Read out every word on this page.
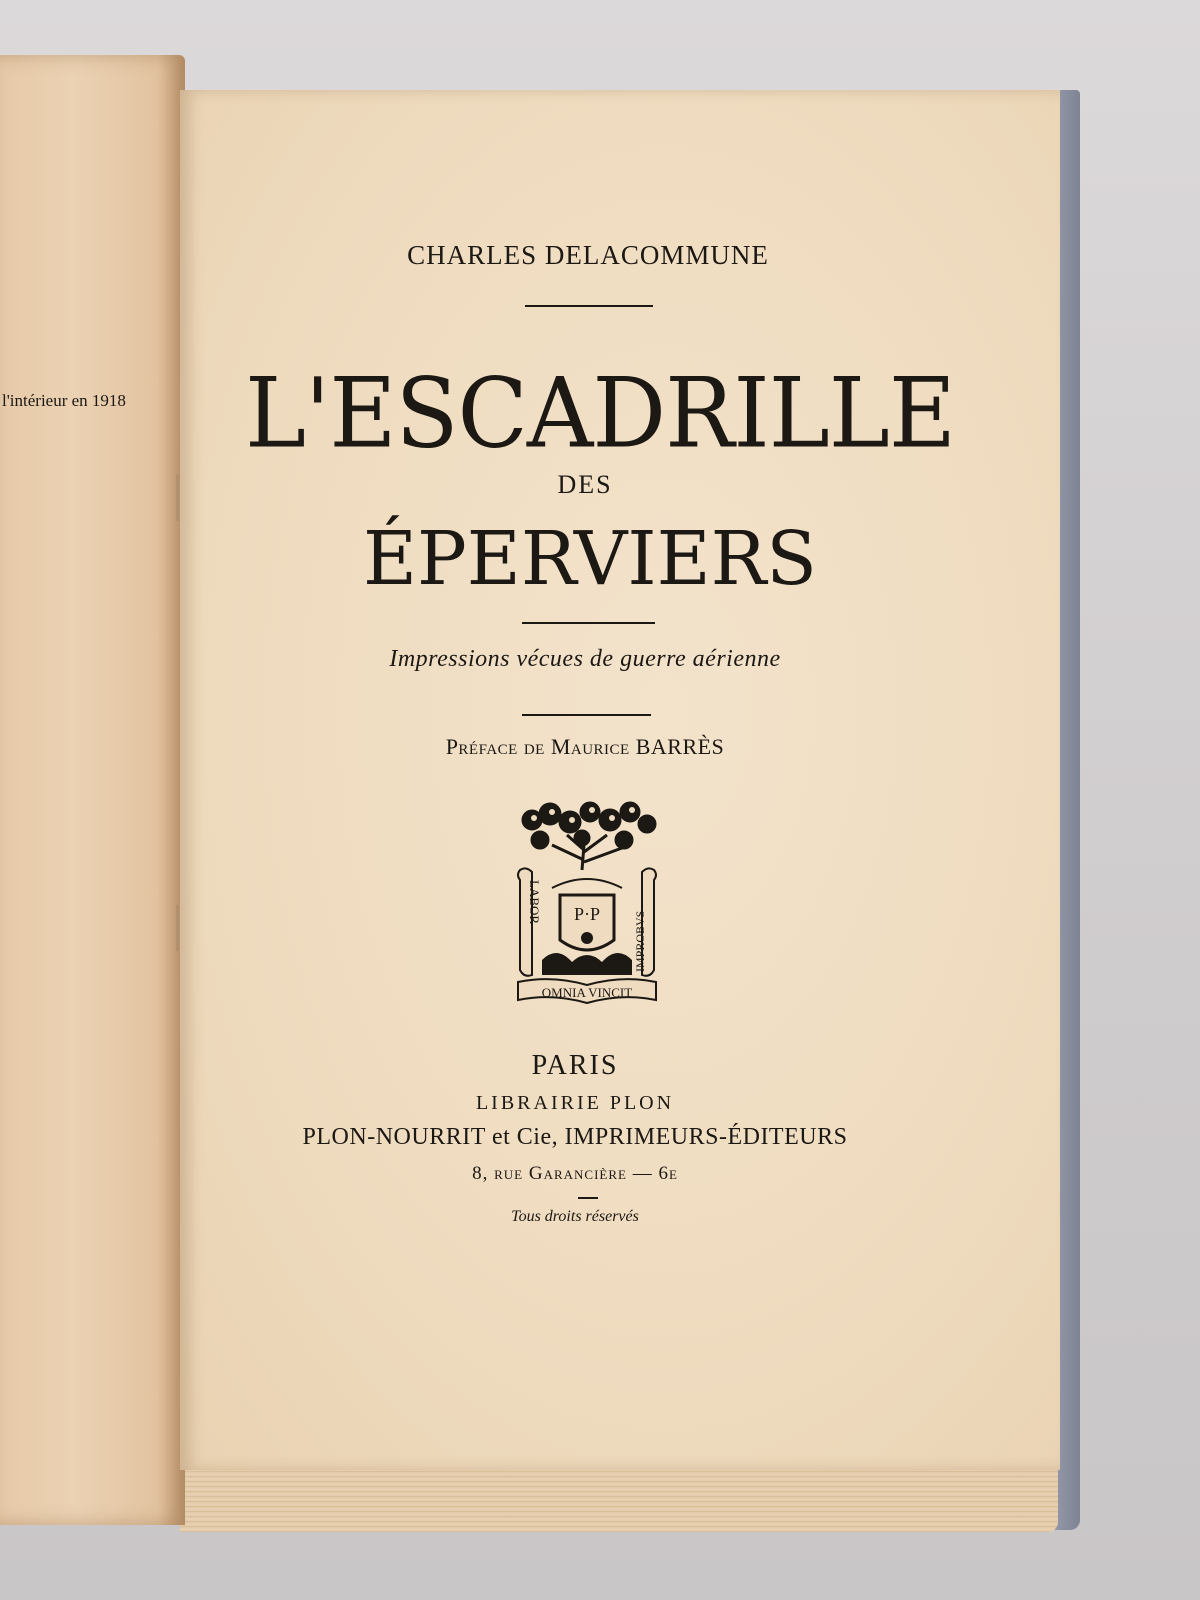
l'intérieur en 1918
CHARLES DELACOMMUNE
L'ESCADRILLE
DES
ÉPERVIERS
Impressions vécues de guerre aérienne
Préface de Maurice BARRÈS
P·P
LABOR
IMPROBVS
OMNIA VINCIT
PARIS
LIBRAIRIE PLON
PLON-NOURRIT et Cie, IMPRIMEURS-ÉDITEURS
8, rue Garancière — 6e
Tous droits réservés
